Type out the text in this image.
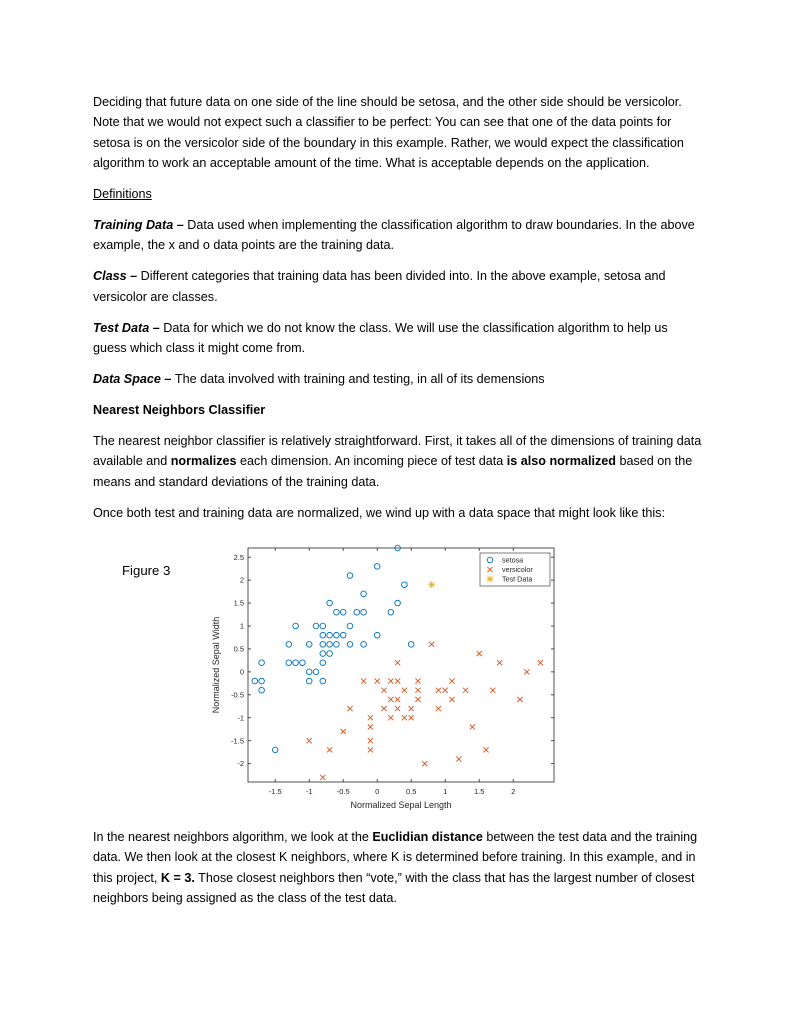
Deciding that future data on one side of the line should be setosa, and the other side should be versicolor. Note that we would not expect such a classifier to be perfect: You can see that one of the data points for setosa is on the versicolor side of the boundary in this example. Rather, we would expect the classification algorithm to work an acceptable amount of the time. What is acceptable depends on the application.

Definitions

Training Data – Data used when implementing the classification algorithm to draw boundaries. In the above example, the x and o data points are the training data.

Class – Different categories that training data has been divided into. In the above example, setosa and versicolor are classes.

Test Data – Data for which we do not know the class. We will use the classification algorithm to help us guess which class it might come from.

Data Space – The data involved with training and testing, in all of its demensions

Nearest Neighbors Classifier

The nearest neighbor classifier is relatively straightforward. First, it takes all of the dimensions of training data available and normalizes each dimension. An incoming piece of test data is also normalized based on the means and standard deviations of the training data.

Once both test and training data are normalized, we wind up with a data space that might look like this:

Figure 3
-1.5	-1	-0.5	0	0.5	1	1.5	2
-2
-1.5
-1
-0.5
0
0.5
1
1.5
2
2.5
Normalized Sepal Length
Normalized Sepal Width
setosa
versicolor
Test Data

In the nearest neighbors algorithm, we look at the Euclidian distance between the test data and the training data. We then look at the closest K neighbors, where K is determined before training. In this example, and in this project, K = 3. Those closest neighbors then “vote,” with the class that has the largest number of closest neighbors being assigned as the class of the test data.
